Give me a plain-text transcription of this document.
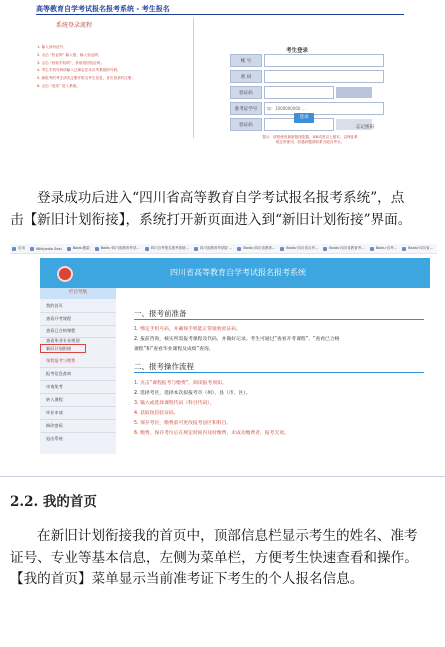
高等教育自学考试报名报考系统 - 考生报名
系统登录流程
1. 输入身份证号；
2. 点击 “验证码” 输入框，输入验证码；
3. 点击 “获取手机码”，获取短信验证码。
4. 考生手机号码请输入已绑定在本自考系统的号码。
5. 新报考的考生请先注册并报名考生信息，首次登录时注册；
6. 点击 “登录” 进入系统。
考生登录
帐 号
密 码
验证码
准考证学号	如：1000000000 …
验证码
登录
忘记密码
提示：请您使用最新版浏览器，IE8或者以上版本，以保证系统正常使用，如遇问题请联系当地自考办。
登录成功后进入“四川省高等教育自学考试报名报考系统”，点
击【新旧计划衔接】，系统打开新页面进入到“新旧计划衔接”界面。
应用	Wikipedia Seal	Baidu搜索	Baidu·四川省教育考试...	四川自考报名报考系统...	四川省教育考试院 ...	Baidu·四川省教育...	Baidu·四川省自考...	Baidu·四川省教育考...	Baidu·自考...	Baidu·四川省...
四川省高等教育自学考试报名报考系统
栏目导航
我的首页
查看开考课程
查看已合格课程
查看毕业专业规划
新旧计划衔接
课程报考与缴费
报考信息查询
申请免考
转入课程
毕业申请
修改密码
退出系统
一、报考前准备
1. 绑定手机号码，并确保手机能正常接收验证码。
2. 报前咨询，核实所需报考课程及代码，并做好记录。考生可通过“查看开考课程”、“查看已合格
课程”和“查看毕业课程及成绩”查询。
二、报考操作流程
1. 点击“课程报考与缴费”，阅读报考须知。
2. 选择考区，选择本次拟报考市（州）、县（市、区）。
3. 输入或选择课程代码（科目代码）。
4. 获取短信验证码。
5. 保存考位，缴费前可更改报考县区和科目。
6. 缴费，保存考位后在规定时间内及时缴费，未成功缴费者，报考无效。
2.2. 我的首页
在新旧计划衔接我的首页中，顶部信息栏显示考生的姓名、准考
证号、专业等基本信息，左侧为菜单栏，方便考生快速查看和操作。
【我的首页】菜单显示当前准考证下考生的个人报名信息。
